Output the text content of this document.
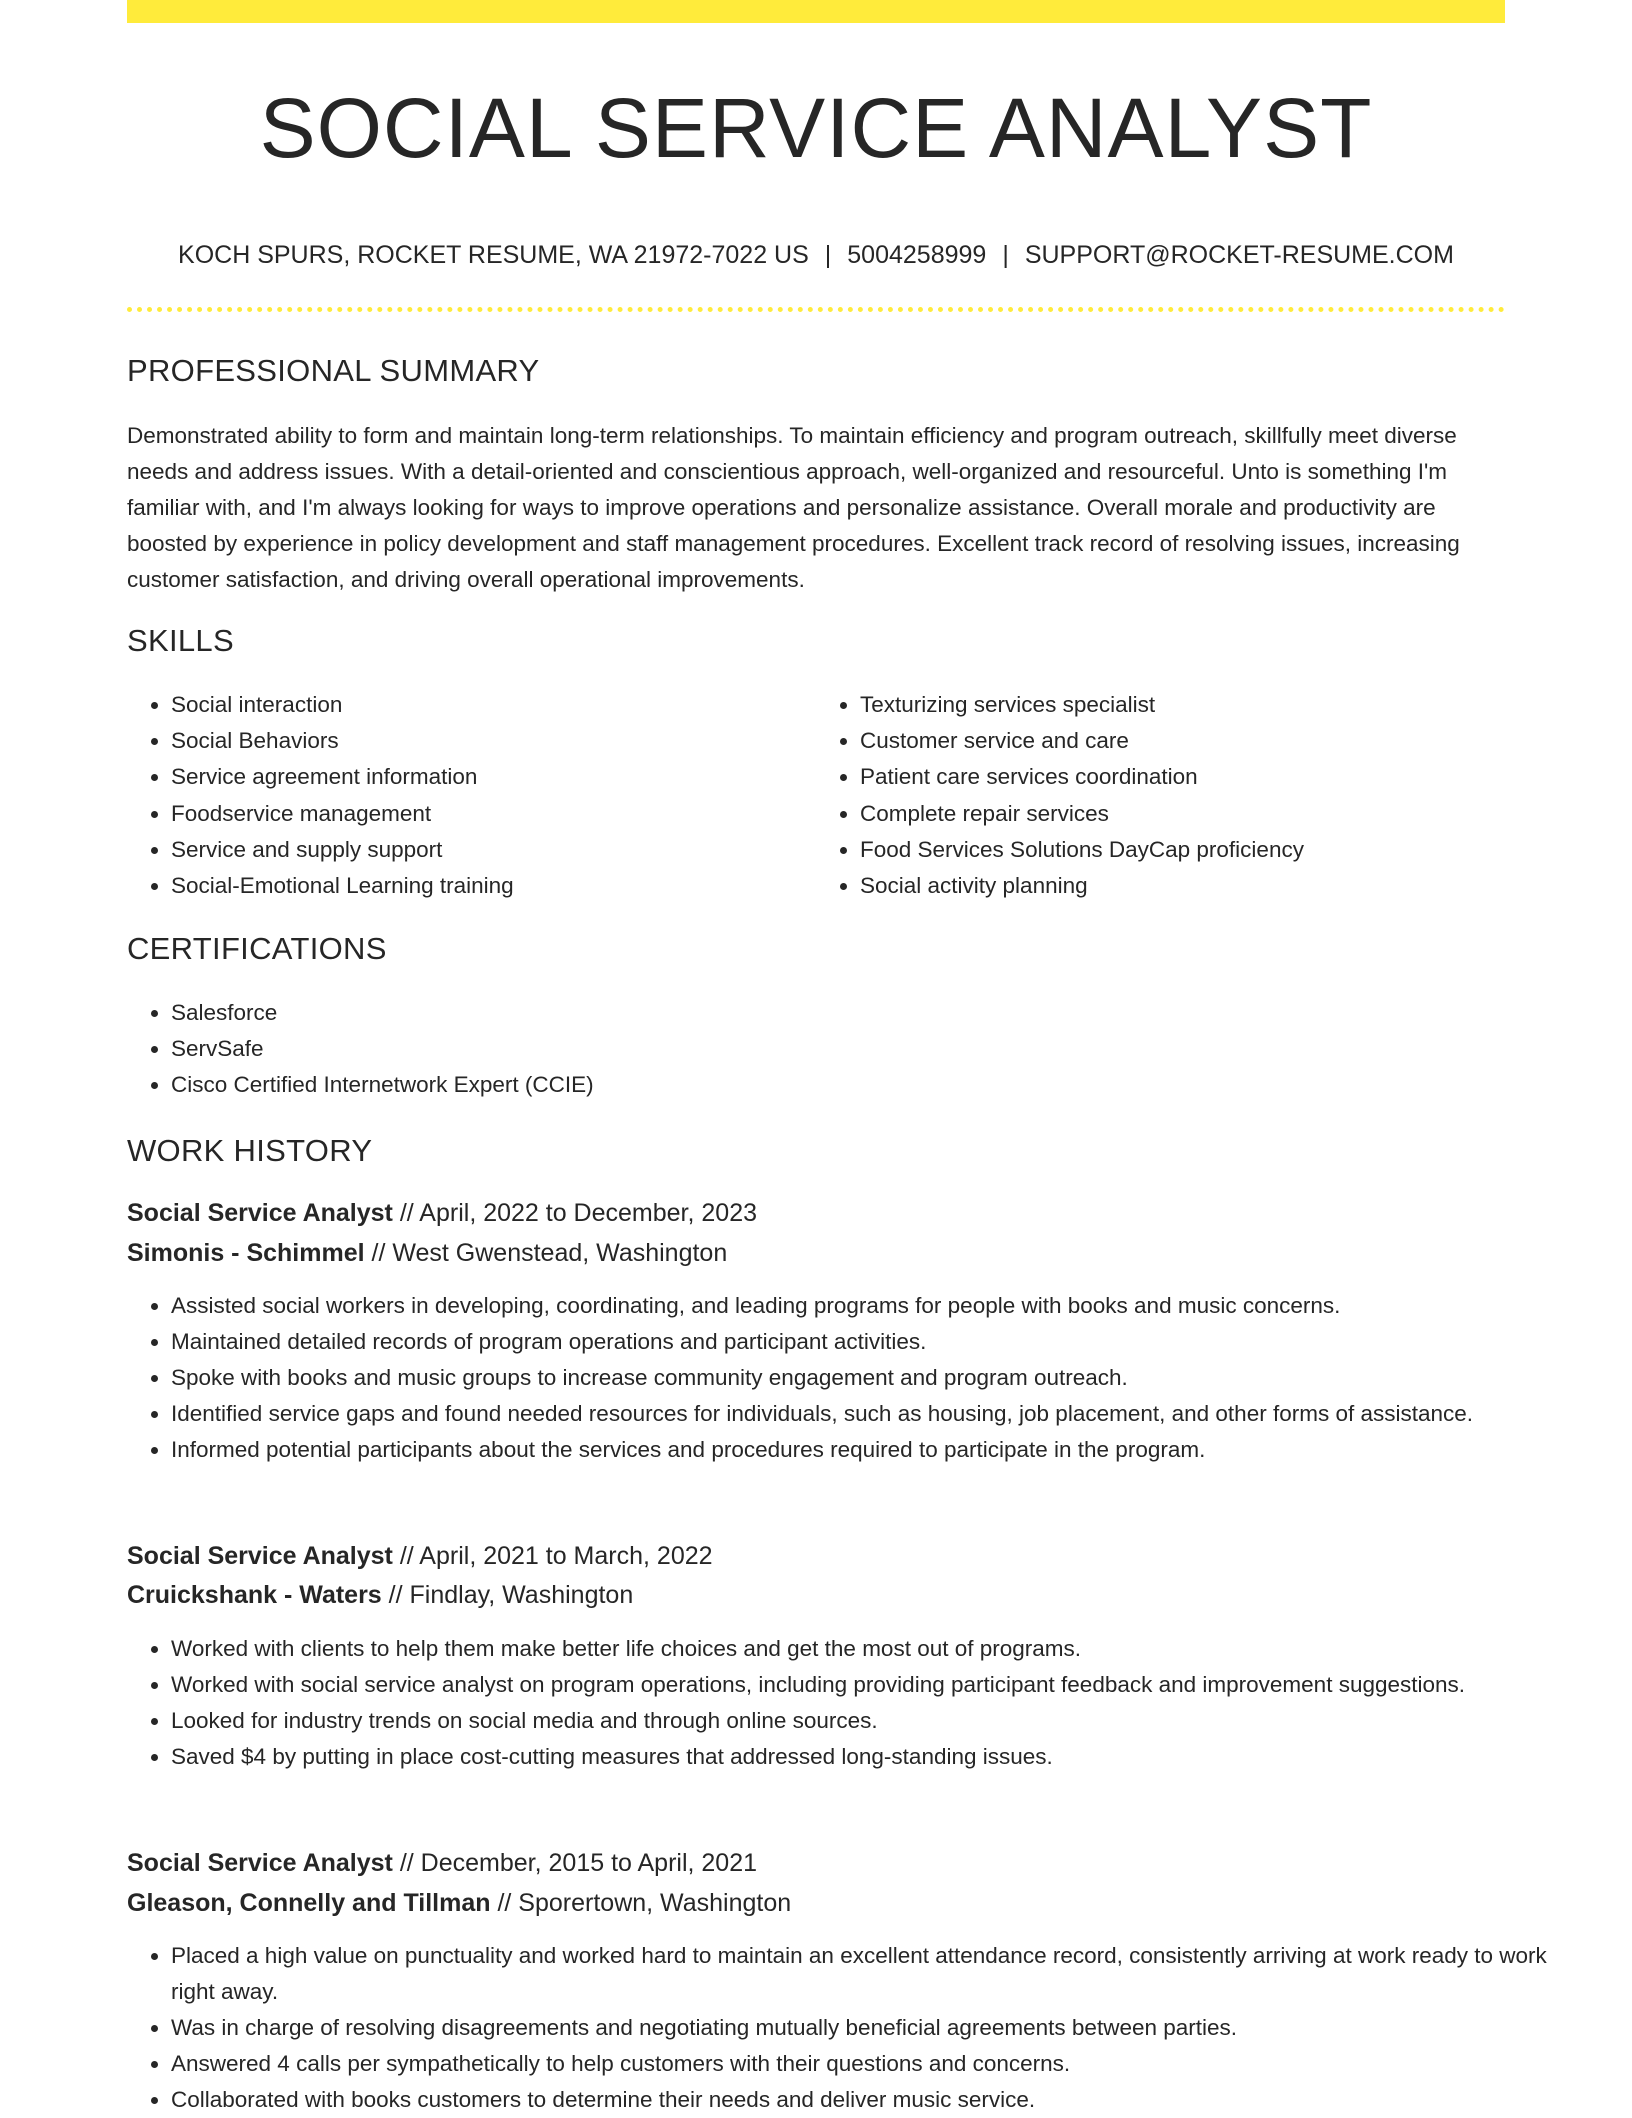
SOCIAL SERVICE ANALYST
KOCH SPURS, ROCKET RESUME, WA 21972-7022 US | 5004258999 | SUPPORT@ROCKET-RESUME.COM
PROFESSIONAL SUMMARY

Demonstrated ability to form and maintain long-term relationships. To maintain efficiency and program outreach, skillfully meet diverse needs and address issues. With a detail-oriented and conscientious approach, well-organized and resourceful. Unto is something I'm familiar with, and I'm always looking for ways to improve operations and personalize assistance. Overall morale and productivity are boosted by experience in policy development and staff management procedures. Excellent track record of resolving issues, increasing customer satisfaction, and driving overall operational improvements.

SKILLS
• Social interaction
• Social Behaviors
• Service agreement information
• Foodservice management
• Service and supply support
• Social-Emotional Learning training
• Texturizing services specialist
• Customer service and care
• Patient care services coordination
• Complete repair services
• Food Services Solutions DayCap proficiency
• Social activity planning
CERTIFICATIONS
• Salesforce
• ServSafe
• Cisco Certified Internetwork Expert (CCIE)
WORK HISTORY
Social Service Analyst // April, 2022 to December, 2023
Simonis - Schimmel // West Gwenstead, Washington
• Assisted social workers in developing, coordinating, and leading programs for people with books and music concerns.
• Maintained detailed records of program operations and participant activities.
• Spoke with books and music groups to increase community engagement and program outreach.
• Identified service gaps and found needed resources for individuals, such as housing, job placement, and other forms of assistance.
• Informed potential participants about the services and procedures required to participate in the program.
Social Service Analyst // April, 2021 to March, 2022
Cruickshank - Waters // Findlay, Washington
• Worked with clients to help them make better life choices and get the most out of programs.
• Worked with social service analyst on program operations, including providing participant feedback and improvement suggestions.
• Looked for industry trends on social media and through online sources.
• Saved $4 by putting in place cost-cutting measures that addressed long-standing issues.
Social Service Analyst // December, 2015 to April, 2021
Gleason, Connelly and Tillman // Sporertown, Washington
• Placed a high value on punctuality and worked hard to maintain an excellent attendance record, consistently arriving at work ready to work right away.
• Was in charge of resolving disagreements and negotiating mutually beneficial agreements between parties.
• Answered 4 calls per sympathetically to help customers with their questions and concerns.
• Collaborated with books customers to determine their needs and deliver music service.
